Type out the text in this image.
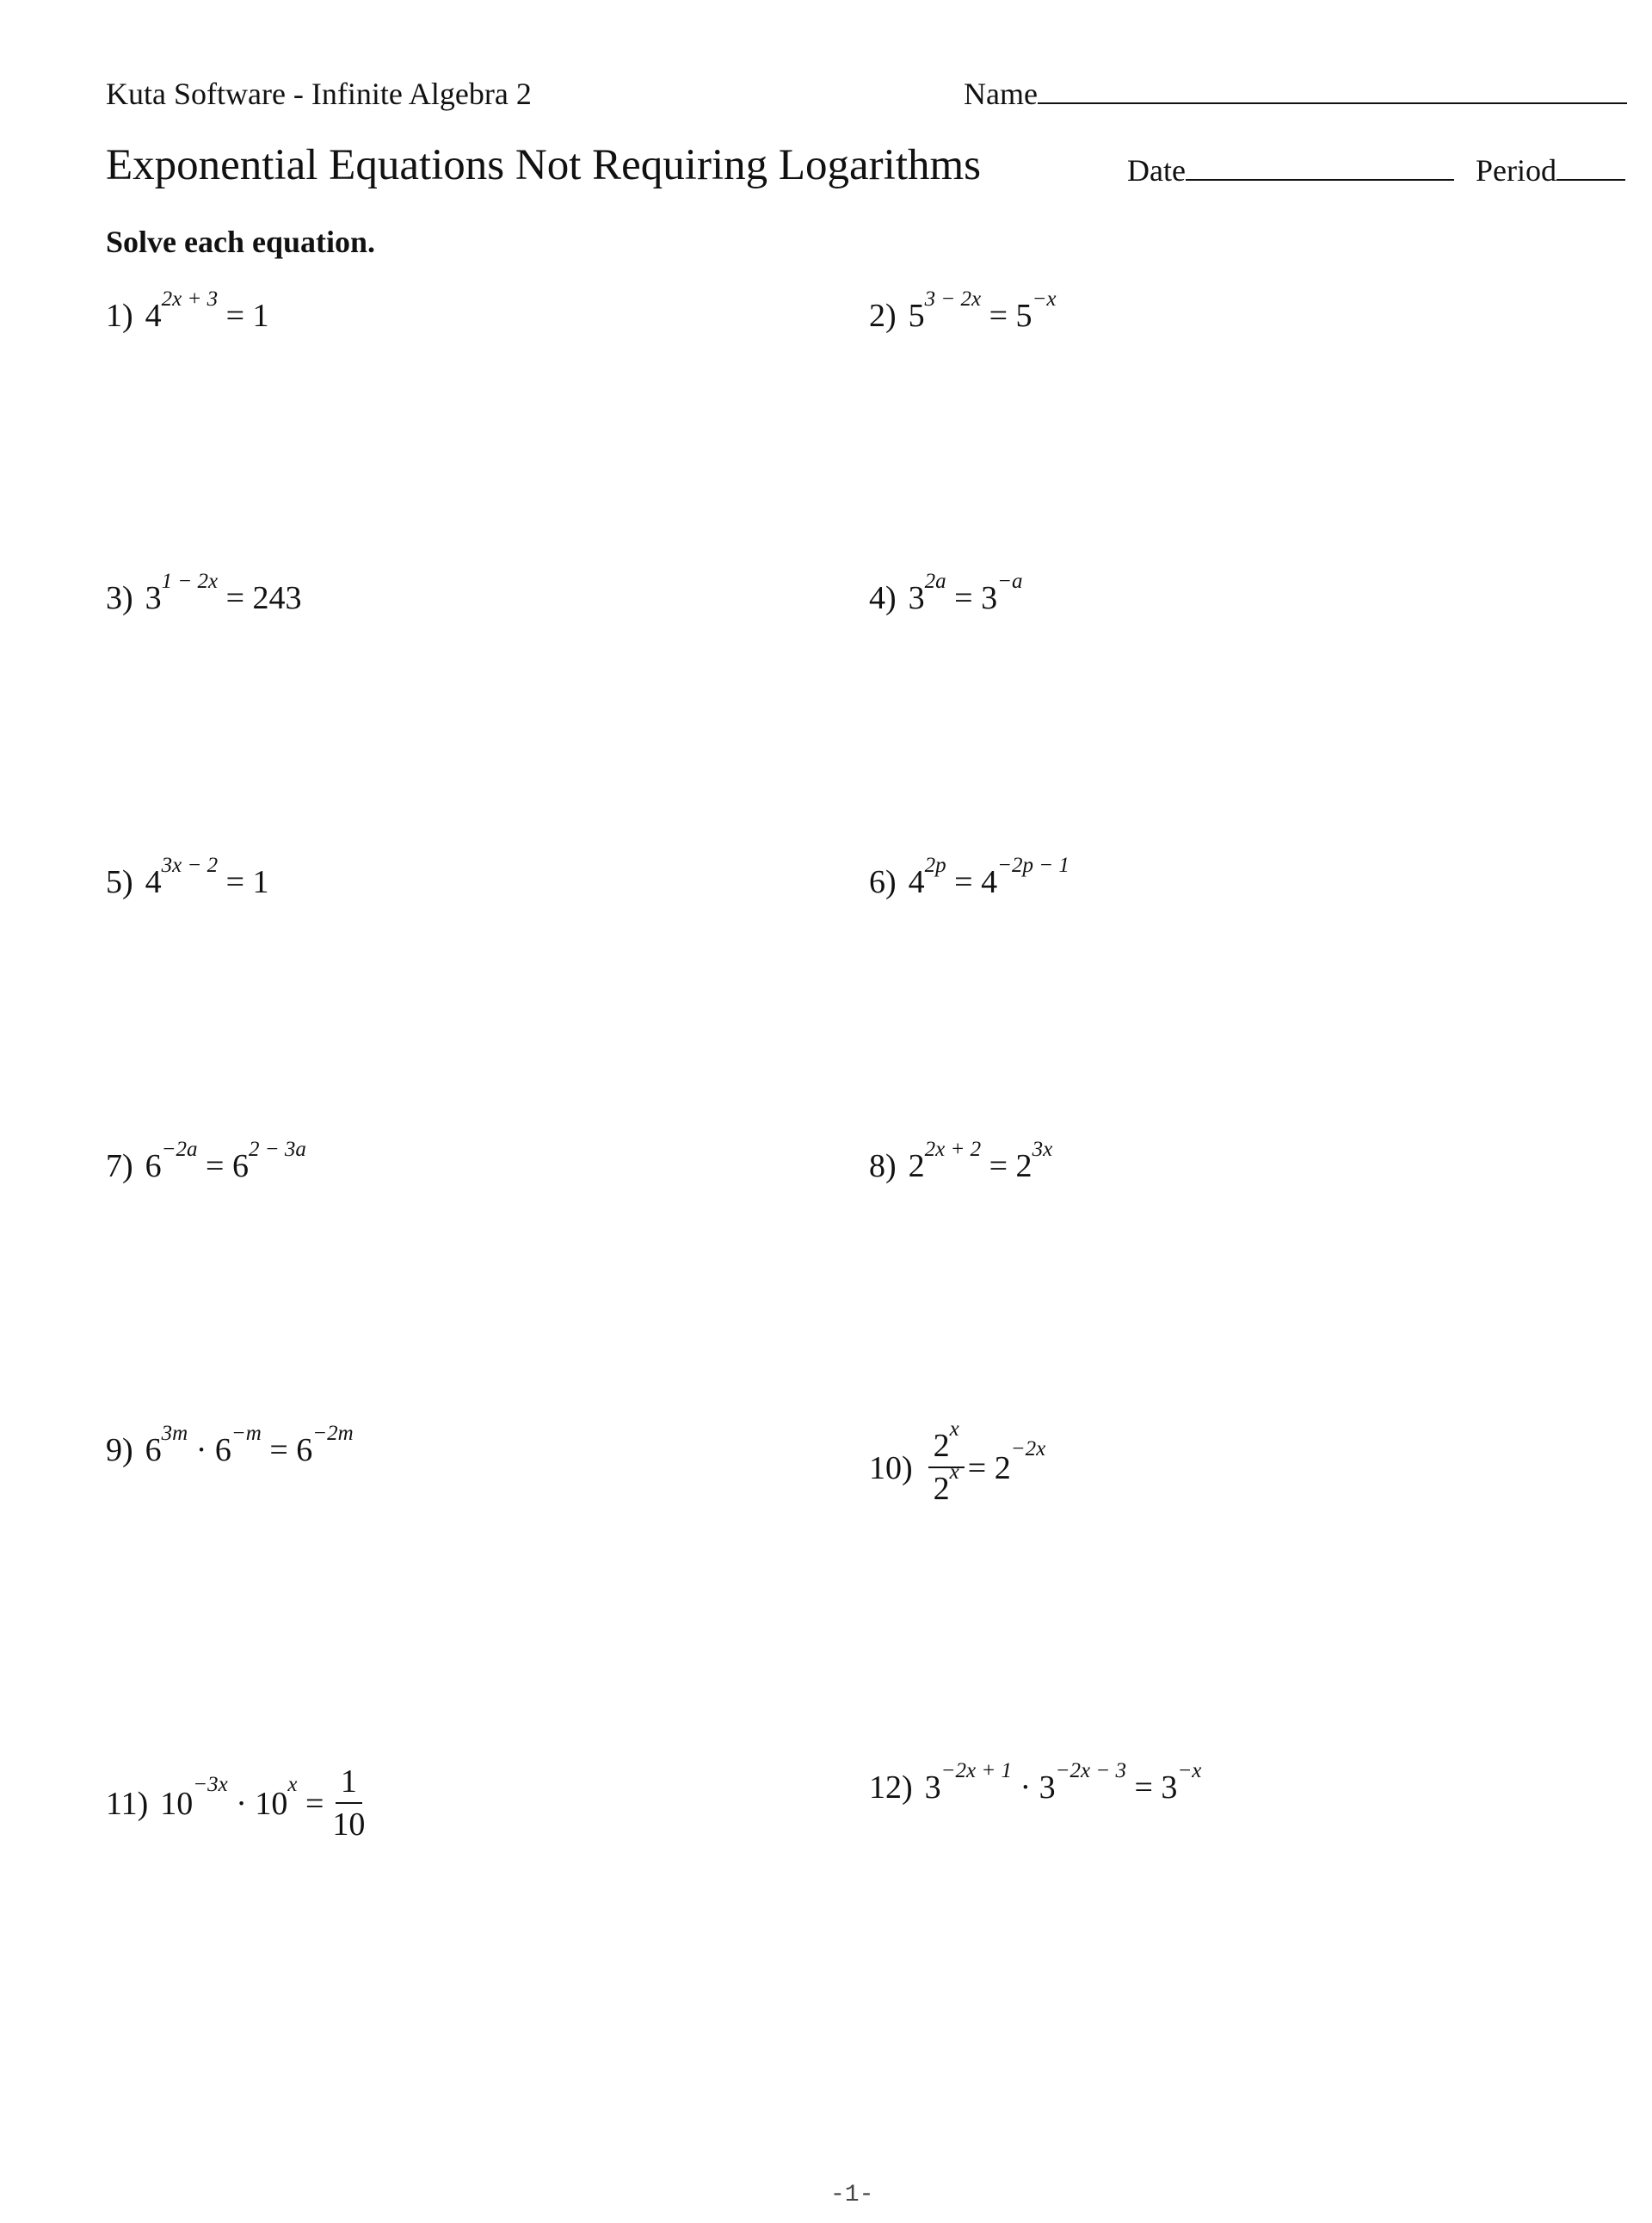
Kuta Software - Infinite Algebra 2	Name
Exponential Equations Not Requiring Logarithms	Date	Period
Solve each equation.
1) $4^{2x + 3} = 1$	2) $5^{3 - 2x} = 5^{-x}$
3) $3^{1 - 2x} = 243$	4) $3^{2a} = 3^{-a}$
5) $4^{3x - 2} = 1$	6) $4^{2p} = 4^{-2p - 1}$
7) $6^{-2a} = 6^{2 - 3a}$	8) $2^{2x + 2} = 2^{3x}$
9) $6^{3m} \cdot 6^{-m} = 6^{-2m}$
$10) \frac{2^x}{2^x} = 2^{-2x}$
11) $10^{-3x} \cdot 10^x = \frac{1}{10}$	12) $3^{-2x + 1} \cdot 3^{-2x - 3} = 3^{-x}$
-1-
